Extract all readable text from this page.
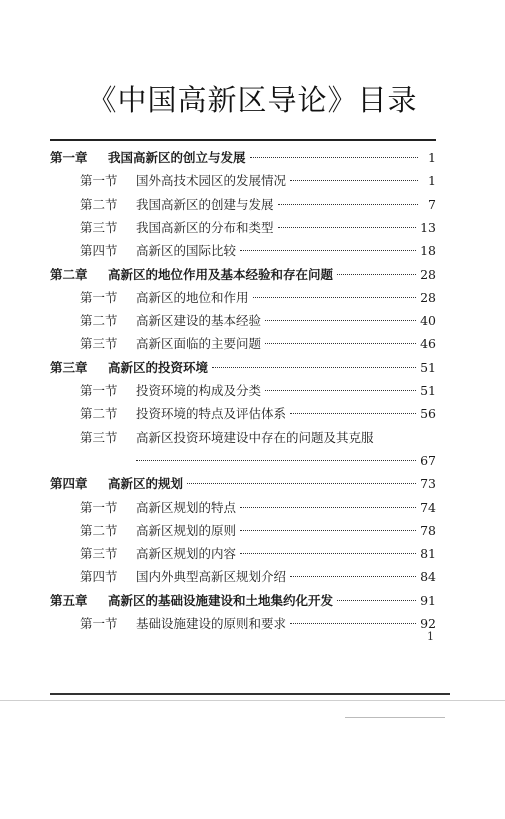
《中国高新区导论》目录
第一章	我国高新区的创立与发展	1
第一节	国外高技术园区的发展情况	1
第二节	我国高新区的创建与发展	7
第三节	我国高新区的分布和类型	13
第四节	高新区的国际比较	18
第二章	高新区的地位作用及基本经验和存在问题	28
第一节	高新区的地位和作用	28
第二节	高新区建设的基本经验	40
第三节	高新区面临的主要问题	46
第三章	高新区的投资环境	51
第一节	投资环境的构成及分类	51
第二节	投资环境的特点及评估体系	56
第三节	高新区投资环境建设中存在的问题及其克服
67
第四章	高新区的规划	73
第一节	高新区规划的特点	74
第二节	高新区规划的原则	78
第三节	高新区规划的内容	81
第四节	国内外典型高新区规划介绍	84
第五章	高新区的基础设施建设和土地集约化开发	91
第一节	基础设施建设的原则和要求	92
1
